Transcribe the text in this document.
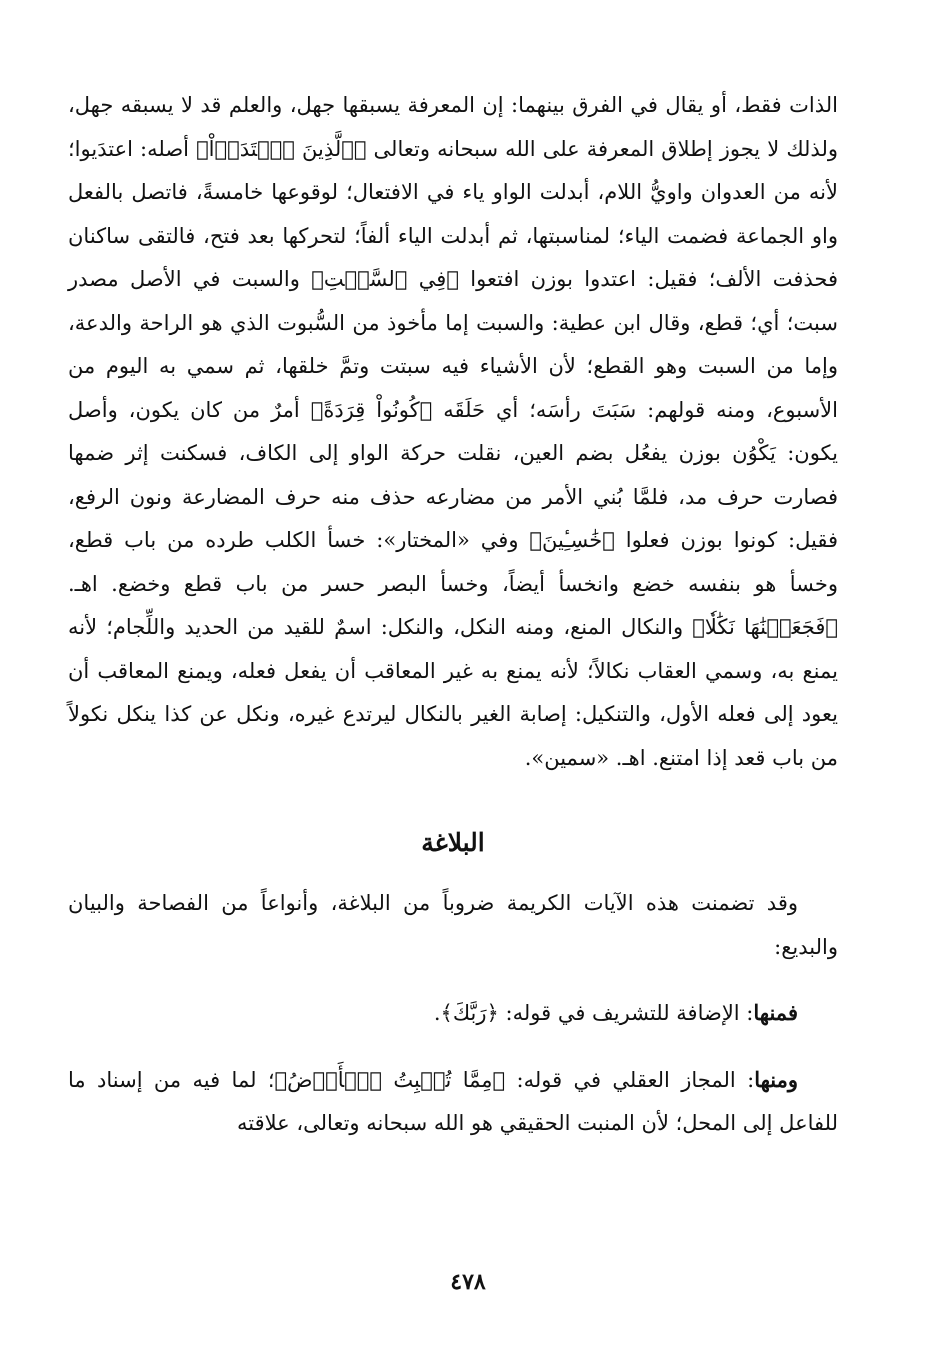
الذات فقط، أو يقال في الفرق بينهما: إن المعرفة يسبقها جهل، والعلم قد لا يسبقه جهل، ولذلك لا يجوز إطلاق المعرفة على الله سبحانه وتعالى ﴿ٱلَّذِينَ ٱعۡتَدَوۡاْ﴾ أصله: اعتدَيوا؛ لأنه من العدوان واويُّ اللام، أبدلت الواو ياء في الافتعال؛ لوقوعها خامسةً، فاتصل بالفعل واو الجماعة فضمت الياء؛ لمناسبتها، ثم أبدلت الياء ألفاً؛ لتحركها بعد فتح، فالتقى ساكنان فحذفت الألف؛ فقيل: اعتدوا بوزن افتعوا ﴿فِي ٱلسَّبۡتِ﴾ والسبت في الأصل مصدر سبت؛ أي؛ قطع، وقال ابن عطية: والسبت إما مأخوذ من السُّبوت الذي هو الراحة والدعة، وإما من السبت وهو القطع؛ لأن الأشياء فيه سبتت وتمَّ خلقها، ثم سمي به اليوم من الأسبوع، ومنه قولهم: سَبَتَ رأسَه؛ أي حَلَقَه ﴿كُونُواْ قِرَدَةً﴾ أمرٌ من كان يكون، وأصل يكون: يَكْوُن بوزن يفعُل بضم العين، نقلت حركة الواو إلى الكاف، فسكنت إثر ضمها فصارت حرف مد، فلمَّا بُني الأمر من مضارعه حذف منه حرف المضارعة ونون الرفع، فقيل: كونوا بوزن فعلوا ﴿خَٰسِـِٔينَ﴾ وفي «المختار»: خسأ الكلب طرده من باب قطع، وخسأ هو بنفسه خضع وانخسأ أيضاً، وخسأ البصر حسر من باب قطع وخضع. اهـ. ﴿فَجَعَلۡنَٰهَا نَكَٰلٗا﴾ والنكال المنع، ومنه النكل، والنكل: اسمٌ للقيد من الحديد واللِّجام؛ لأنه يمنع به، وسمي العقاب نكالاً؛ لأنه يمنع به غير المعاقب أن يفعل فعله، ويمنع المعاقب أن يعود إلى فعله الأول، والتنكيل: إصابة الغير بالنكال ليرتدع غيره، ونكل عن كذا ينكل نكولاً من باب قعد إذا امتنع. اهـ. «سمين».

البلاغة

وقد تضمنت هذه الآيات الكريمة ضروباً من البلاغة، وأنواعاً من الفصاحة والبيان والبديع:

فمنها: الإضافة للتشريف في قوله: ﴿رَبَّكَ﴾.

ومنها: المجاز العقلي في قوله: ﴿مِمَّا تُنۢبِتُ ٱلۡأَرۡضُ﴾؛ لما فيه من إسناد ما للفاعل إلى المحل؛ لأن المنبت الحقيقي هو الله سبحانه وتعالى، علاقته

٤٧٨
